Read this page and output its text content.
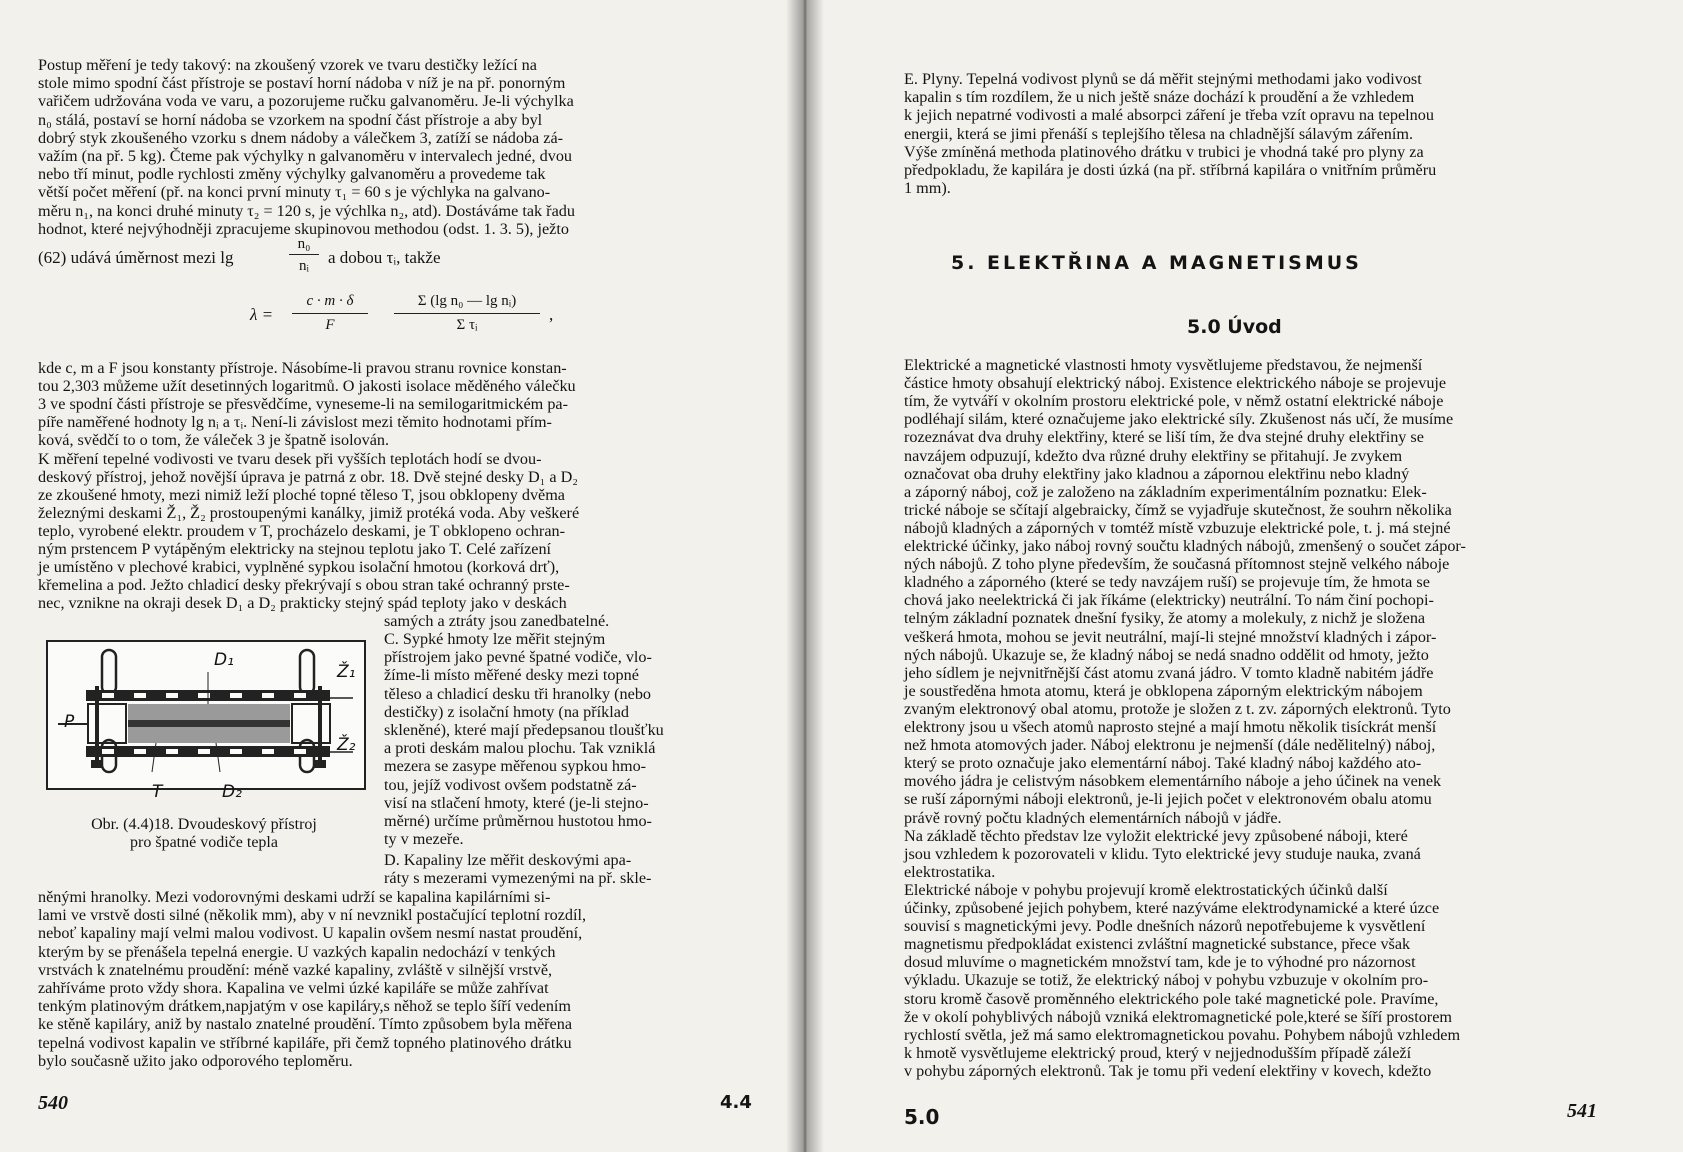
Postup měření je tedy takový: na zkoušený vzorek ve tvaru destičky ležící na
stole mimo spodní část přístroje se postaví horní nádoba v níž je na př. ponorným
vařičem udržována voda ve varu, a pozorujeme ručku galvanoměru. Je-li výchylka
n₀ stálá, postaví se horní nádoba se vzorkem na spodní část přístroje a aby byl
dobrý styk zkoušeného vzorku s dnem nádoby a válečkem 3, zatíží se nádoba zá-
važím (na př. 5 kg). Čteme pak výchylky n galvanoměru v intervalech jedné, dvou
nebo tří minut, podle rychlosti změny výchylky galvanoměru a provedeme tak
větší počet měření (př. na konci první minuty τ₁ = 60 s je výchlyka na galvano-
měru n₁, na konci druhé minuty τ₂ = 120 s, je výchlka n₂, atd). Dostáváme tak řadu
hodnot, které nejvýhodněji zpracujeme skupinovou methodou (odst. 1. 3. 5), ježto
(62) udává úměrnost mezi lg
n₀
nᵢ	a dobou τᵢ, takže
λ =
c · m · δ
F
Σ (lg n₀ — lg nᵢ)
Σ τᵢ
,
kde c, m a F jsou konstanty přístroje. Násobíme-li pravou stranu rovnice konstan-
tou 2,303 můžeme užít desetinných logaritmů. O jakosti isolace měděného válečku
3 ve spodní části přístroje se přesvědčíme, vyneseme-li na semilogaritmickém pa-
píře naměřené hodnoty lg nᵢ a τᵢ. Není-li závislost mezi těmito hodnotami přím-
ková, svědčí to o tom, že váleček 3 je špatně isolován.
K měření tepelné vodivosti ve tvaru desek při vyšších teplotách hodí se dvou-
deskový přístroj, jehož novější úprava je patrná z obr. 18. Dvě stejné desky D₁ a D₂
ze zkoušené hmoty, mezi nimiž leží ploché topné těleso T, jsou obklopeny dvěma
železnými deskami Ž₁, Ž₂ prostoupenými kanálky, jimiž protéká voda. Aby veškeré
teplo, vyrobené elektr. proudem v T, procházelo deskami, je T obklopeno ochran-
ným prstencem P vytápěným elektricky na stejnou teplotu jako T. Celé zařízení
je umístěno v plechové krabici, vyplněné sypkou isolační hmotou (korková drť),
křemelina a pod. Ježto chladicí desky překrývají s obou stran také ochranný prste-
nec, vznikne na okraji desek D₁ a D₂ prakticky stejný spád teploty jako v deskách
samých a ztráty jsou zanedbatelné.
D₁
Ž₁
Ž₂
P
T	D₂
Obr. (4.4)18. Dvoudeskový přístroj
pro špatné vodiče tepla
C. Sypké hmoty lze měřit stejným
přístrojem jako pevné špatné vodiče, vlo-
žíme-li místo měřené desky mezi topné
těleso a chladicí desku tři hranolky (nebo
destičky) z isolační hmoty (na příklad
skleněné), které mají předepsanou tloušťku
a proti deskám malou plochu. Tak vzniklá
mezera se zasype měřenou sypkou hmo-
tou, jejíž vodivost ovšem podstatně zá-
visí na stlačení hmoty, které (je-li stejno-
měrné) určíme průměrnou hustotou hmo-
ty v mezeře.
D. Kapaliny lze měřit deskovými apa-
ráty s mezerami vymezenými na př. skle-
něnými hranolky. Mezi vodorovnými deskami udrží se kapalina kapilárními si-
lami ve vrstvě dosti silné (několik mm), aby v ní nevznikl postačující teplotní rozdíl,
neboť kapaliny mají velmi malou vodivost. U kapalin ovšem nesmí nastat proudění,
kterým by se přenášela tepelná energie. U vazkých kapalin nedochází v tenkých
vrstvách k znatelnému proudění: méně vazké kapaliny, zvláště v silnější vrstvě,
zahříváme proto vždy shora. Kapalina ve velmi úzké kapiláře se může zahřívat
tenkým platinovým drátkem,napjatým v ose kapiláry,s něhož se teplo šíří vedením
ke stěně kapiláry, aniž by nastalo znatelné proudění. Tímto způsobem byla měřena
tepelná vodivost kapalin ve stříbrné kapiláře, při čemž topného platinového drátku
bylo současně užito jako odporového teploměru.
540	4.4
E. Plyny. Tepelná vodivost plynů se dá měřit stejnými methodami jako vodivost
kapalin s tím rozdílem, že u nich ještě snáze dochází k proudění a že vzhledem
k jejich nepatrné vodivosti a malé absorpci záření je třeba vzít opravu na tepelnou
energii, která se jimi přenáší s teplejšího tělesa na chladnější sálavým zářením.
Výše zmíněná methoda platinového drátku v trubici je vhodná také pro plyny za
předpokladu, že kapilára je dosti úzká (na př. stříbrná kapilára o vnitřním průměru
1 mm).
5. ELEKTŘINA A MAGNETISMUS
5.0 Úvod
Elektrické a magnetické vlastnosti hmoty vysvětlujeme představou, že nejmenší
částice hmoty obsahují elektrický náboj. Existence elektrického náboje se projevuje
tím, že vytváří v okolním prostoru elektrické pole, v němž ostatní elektrické náboje
podléhají silám, které označujeme jako elektrické síly. Zkušenost nás učí, že musíme
rozeznávat dva druhy elektřiny, které se liší tím, že dva stejné druhy elektřiny se
navzájem odpuzují, kdežto dva různé druhy elektřiny se přitahují. Je zvykem
označovat oba druhy elektřiny jako kladnou a zápornou elektřinu nebo kladný
a záporný náboj, což je založeno na základním experimentálním poznatku: Elek-
trické náboje se sčítají algebraicky, čímž se vyjadřuje skutečnost, že souhrn několika
nábojů kladných a záporných v tomtéž místě vzbuzuje elektrické pole, t. j. má stejné
elektrické účinky, jako náboj rovný součtu kladných nábojů, zmenšený o součet zápor-
ných nábojů. Z toho plyne především, že současná přítomnost stejně velkého náboje
kladného a záporného (které se tedy navzájem ruší) se projevuje tím, že hmota se
chová jako neelektrická či jak říkáme (elektricky) neutrální. To nám činí pochopi-
telným základní poznatek dnešní fysiky, že atomy a molekuly, z nichž je složena
veškerá hmota, mohou se jevit neutrální, mají-li stejné množství kladných i zápor-
ných nábojů. Ukazuje se, že kladný náboj se nedá snadno oddělit od hmoty, ježto
jeho sídlem je nejvnitřnější část atomu zvaná jádro. V tomto kladně nabitém jádře
je soustředěna hmota atomu, která je obklopena záporným elektrickým nábojem
zvaným elektronový obal atomu, protože je složen z t. zv. záporných elektronů. Tyto
elektrony jsou u všech atomů naprosto stejné a mají hmotu několik tisíckrát menší
než hmota atomových jader. Náboj elektronu je nejmenší (dále nedělitelný) náboj,
který se proto označuje jako elementární náboj. Také kladný náboj každého ato-
mového jádra je celistvým násobkem elementárního náboje a jeho účinek na venek
se ruší zápornými náboji elektronů, je-li jejich počet v elektronovém obalu atomu
právě rovný počtu kladných elementárních nábojů v jádře.
Na základě těchto představ lze vyložit elektrické jevy způsobené náboji, které
jsou vzhledem k pozorovateli v klidu. Tyto elektrické jevy studuje nauka, zvaná
elektrostatika.
Elektrické náboje v pohybu projevují kromě elektrostatických účinků další
účinky, způsobené jejich pohybem, které nazýváme elektrodynamické a které úzce
souvisí s magnetickými jevy. Podle dnešních názorů nepotřebujeme k vysvětlení
magnetismu předpokládat existenci zvláštní magnetické substance, přece však
dosud mluvíme o magnetickém množství tam, kde je to výhodné pro názornost
výkladu. Ukazuje se totiž, že elektrický náboj v pohybu vzbuzuje v okolním pro-
storu kromě časově proměnného elektrického pole také magnetické pole. Pravíme,
že v okolí pohyblivých nábojů vzniká elektromagnetické pole,které se šíří prostorem
rychlostí světla, jež má samo elektromagnetickou povahu. Pohybem nábojů vzhledem
k hmotě vysvětlujeme elektrický proud, který v nejjednodušším případě záleží
v pohybu záporných elektronů. Tak je tomu při vedení elektřiny v kovech, kdežto
5.0	541
